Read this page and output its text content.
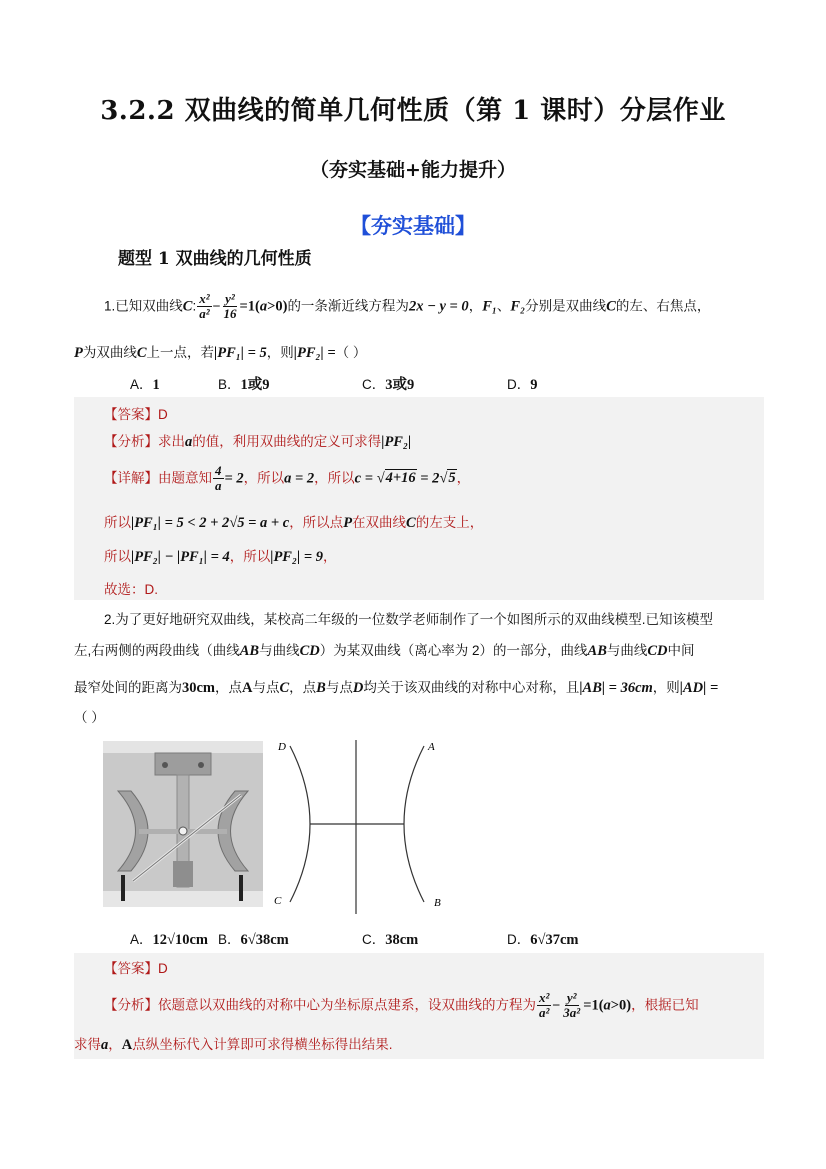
3.2.2 双曲线的简单几何性质（第 1 课时）分层作业
（夯实基础+能力提升）
【夯实基础】
题型 1 双曲线的几何性质
1.已知双曲线C: $\frac{\text{x²}}{\text{a²}} - \frac{\text{y²}}{16} =1(a>0)$的一条渐近线方程为2x − y = 0，F₁、F₂分别是双曲线C的左、右焦点，
P为双曲线C上一点，若|PF₁| = 5，则|PF₂| =（ ）
A．1	B．1或9	C．3或9	D．9
【答案】D
【分析】求出a的值，利用双曲线的定义可求得|PF₂|
【详解】由题意知 $\frac{4}{a} = 2$，所以a = 2，所以c = √4+16 = 2√5，
所以|PF₁| = 5 < 2 + 2√5 = a + c，所以点P在双曲线C的左支上，
所以|PF₂| − |PF₁| = 4，所以|PF₂| = 9，
故选：D.
2.为了更好地研究双曲线，某校高二年级的一位数学老师制作了一个如图所示的双曲线模型.已知该模型
左,右两侧的两段曲线（曲线AB与曲线CD）为某双曲线（离心率为 2）的一部分，曲线AB与曲线CD中间
最窄处间的距离为30cm，点A与点C，点B与点D均关于该双曲线的对称中心对称，且|AB| = 36cm，则|AD| =
（ ）
D	A
C	B
A．12√10cm B．6√38cm	C．38cm	D．6√37cm
【答案】D
【分析】依题意以双曲线的对称中心为坐标原点建系，设双曲线的方程为 $\frac{\text{x²}}{\text{a²}} - \frac{\text{y²}}{\text{3a²}} =1(a>0)$，根据已知
求得a，A点纵坐标代入计算即可求得横坐标得出结果.
